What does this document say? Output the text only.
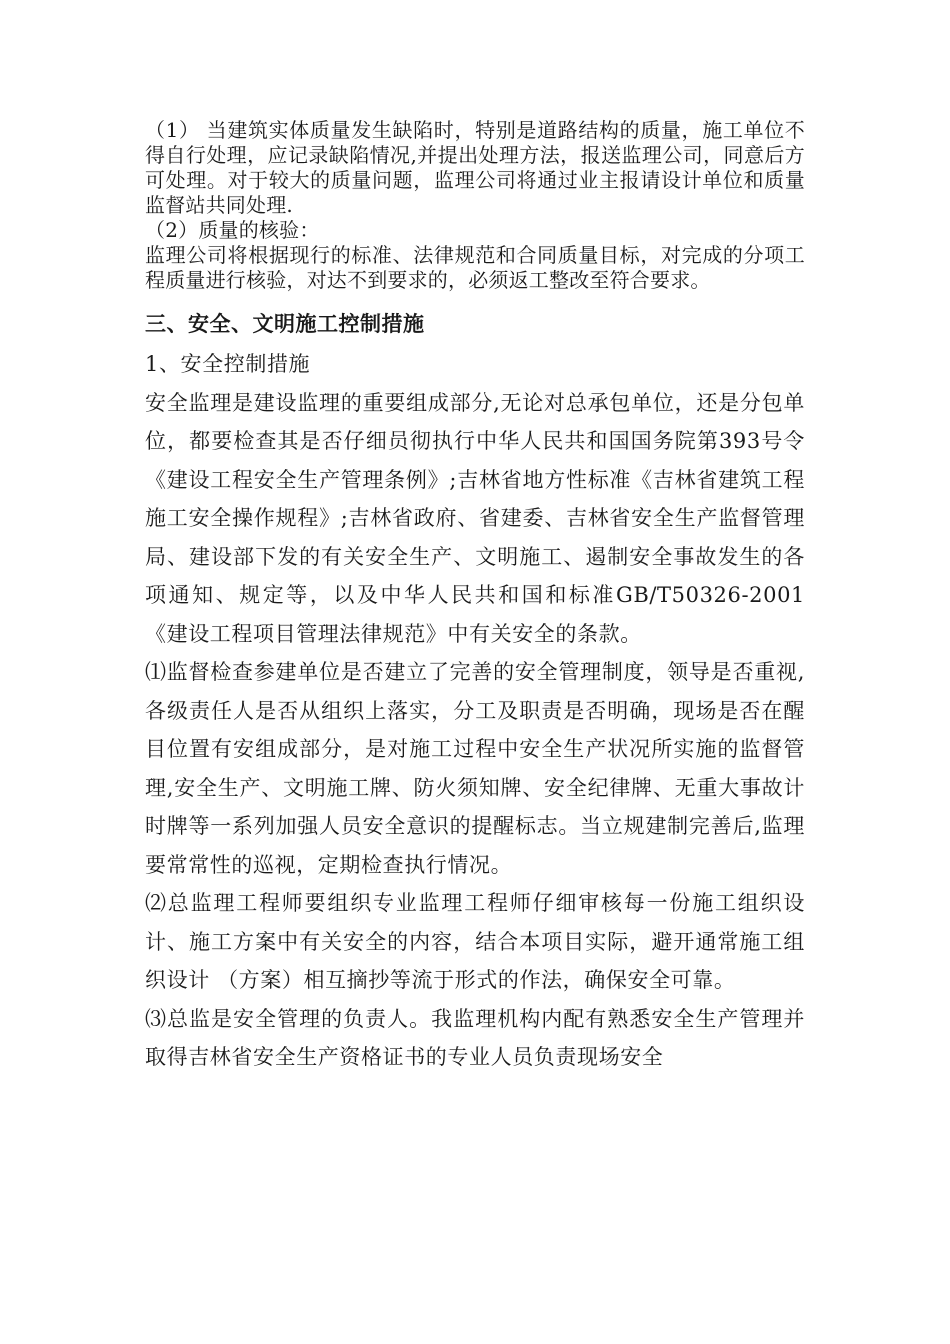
（1） 当建筑实体质量发生缺陷时，特别是道路结构的质量，施工单位不得自行处理，应记录缺陷情况,并提出处理方法，报送监理公司，同意后方可处理。对于较大的质量问题，监理公司将通过业主报请设计单位和质量监督站共同处理.

（2）质量的核验：

监理公司将根据现行的标准、法律规范和合同质量目标，对完成的分项工程质量进行核验，对达不到要求的，必须返工整改至符合要求。

三、安全、文明施工控制措施

1、安全控制措施

安全监理是建设监理的重要组成部分,无论对总承包单位，还是分包单位，都要检查其是否仔细员彻执行中华人民共和国国务院第393号令 《建设工程安全生产管理条例》;吉林省地方性标准《吉林省建筑工程施工安全操作规程》;吉林省政府、省建委、吉林省安全生产监督管理局、建设部下发的有关安全生产、文明施工、遏制安全事故发生的各项通知、规定等，以及中华人民共和国和标准GB/T50326-2001《建设工程项目管理法律规范》中有关安全的条款。

⑴监督检查参建单位是否建立了完善的安全管理制度，领导是否重视,各级责任人是否从组织上落实，分工及职责是否明确，现场是否在醒目位置有安组成部分，是对施工过程中安全生产状况所实施的监督管理,安全生产、文明施工牌、防火须知牌、安全纪律牌、无重大事故计时牌等一系列加强人员安全意识的提醒标志。当立规建制完善后,监理要常常性的巡视，定期检查执行情况。

⑵总监理工程师要组织专业监理工程师仔细审核每一份施工组织设计、施工方案中有关安全的内容，结合本项目实际，避开通常施工组织设计 （方案）相互摘抄等流于形式的作法，确保安全可靠。

⑶总监是安全管理的负责人。我监理机构内配有熟悉安全生产管理并取得吉林省安全生产资格证书的专业人员负责现场安全
